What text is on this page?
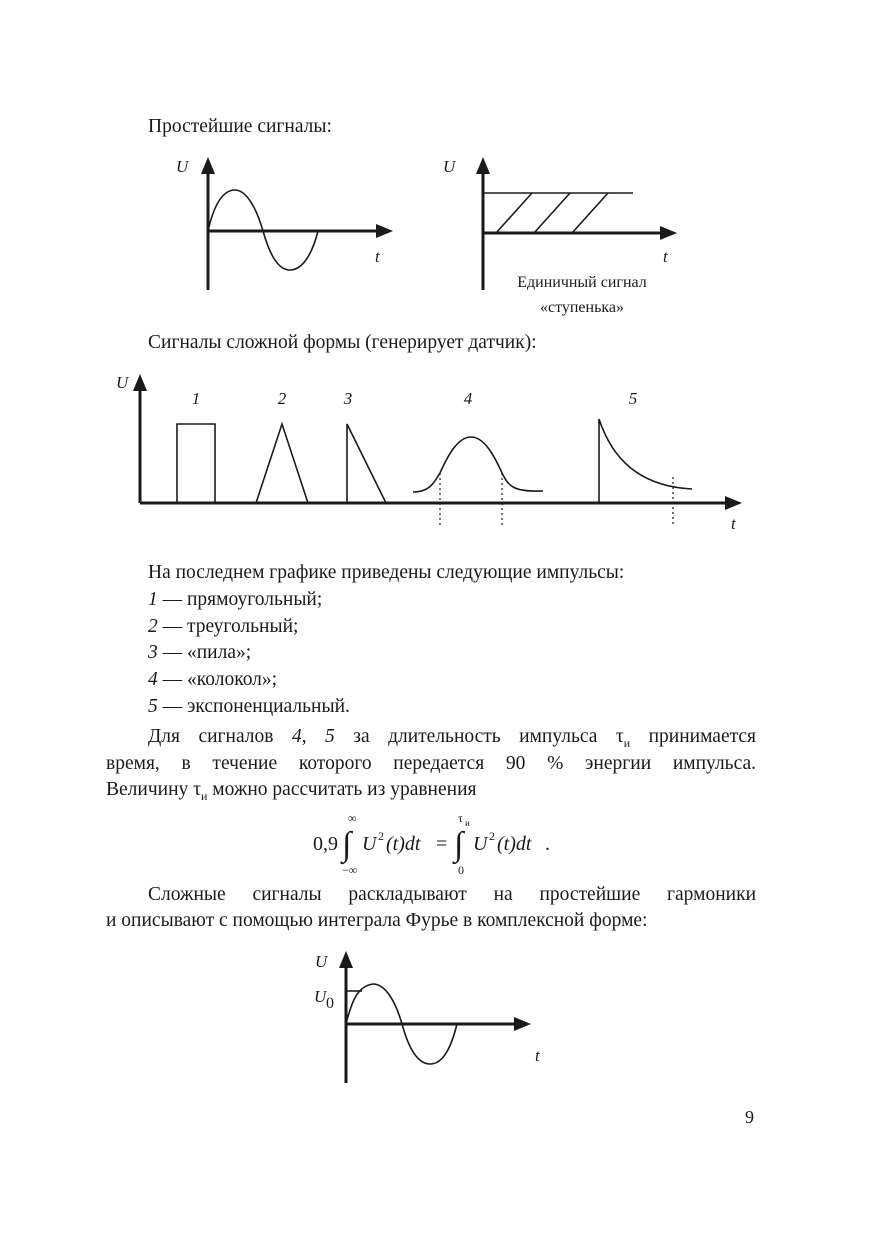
Простейшие сигналы:
U
t
U
t
Единичный сигнал
«ступенька»
Сигналы сложной формы (генерирует датчик):
U
t
1	2	3	4	5
На последнем графике приведены следующие импульсы:
1 — прямоугольный;
2 — треугольный;
3 — «пила»;
4 — «колокол»;
5 — экспоненциальный.
Для сигналов 4, 5 за длительность импульса $\tau_и$ принимается
время, в течение которого передается 90 % энергии импульса.
Величину $\tau_и$ можно рассчитать из уравнения
0,9 ∫
∞
−∞
U 2 (t)dt = ∫
τ и
0
U 2 (t)dt .
Сложные сигналы раскладывают на простейшие гармоники
и описывают с помощью интеграла Фурье в комплексной форме:
U
U 0
t
9
